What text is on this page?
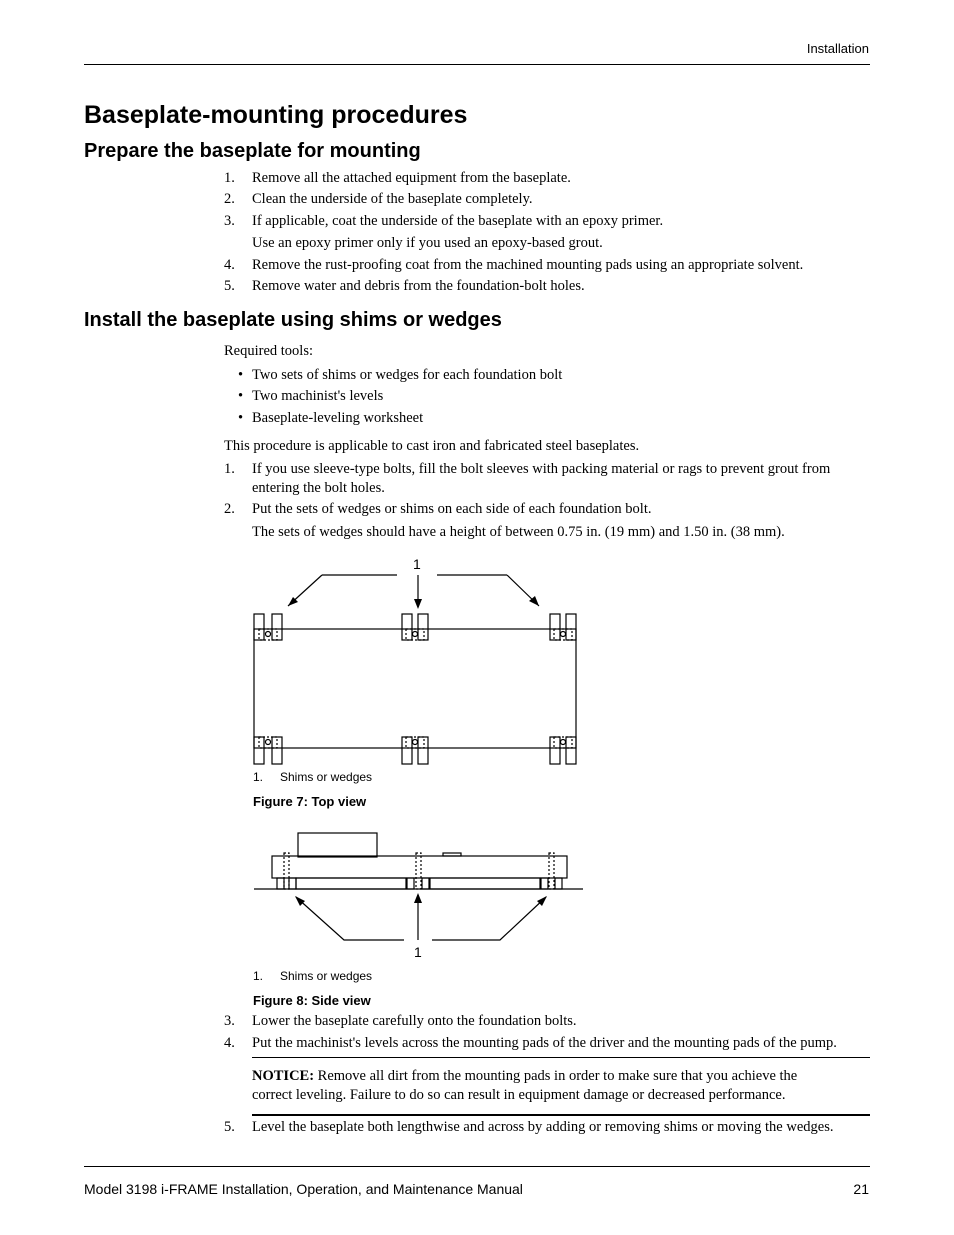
Installation
Baseplate-mounting procedures
Prepare the baseplate for mounting
1. Remove all the attached equipment from the baseplate.
2. Clean the underside of the baseplate completely.
3. If applicable, coat the underside of the baseplate with an epoxy primer.
Use an epoxy primer only if you used an epoxy-based grout.
4. Remove the rust-proofing coat from the machined mounting pads using an appropriate solvent.
5. Remove water and debris from the foundation-bolt holes.
Install the baseplate using shims or wedges
Required tools:
• Two sets of shims or wedges for each foundation bolt
• Two machinist's levels
• Baseplate-leveling worksheet
This procedure is applicable to cast iron and fabricated steel baseplates.
1. If you use sleeve-type bolts, fill the bolt sleeves with packing material or rags to prevent grout from
entering the bolt holes.
2. Put the sets of wedges or shims on each side of each foundation bolt.
The sets of wedges should have a height of between 0.75 in. (19 mm) and 1.50 in. (38 mm).
1
1. Shims or wedges
Figure 7: Top view
1
1. Shims or wedges
Figure 8: Side view
3. Lower the baseplate carefully onto the foundation bolts.
4. Put the machinist's levels across the mounting pads of the driver and the mounting pads of the pump.
NOTICE: Remove all dirt from the mounting pads in order to make sure that you achieve the
correct leveling. Failure to do so can result in equipment damage or decreased performance.
5. Level the baseplate both lengthwise and across by adding or removing shims or moving the wedges.
Model 3198 i-FRAME Installation, Operation, and Maintenance Manual	21
